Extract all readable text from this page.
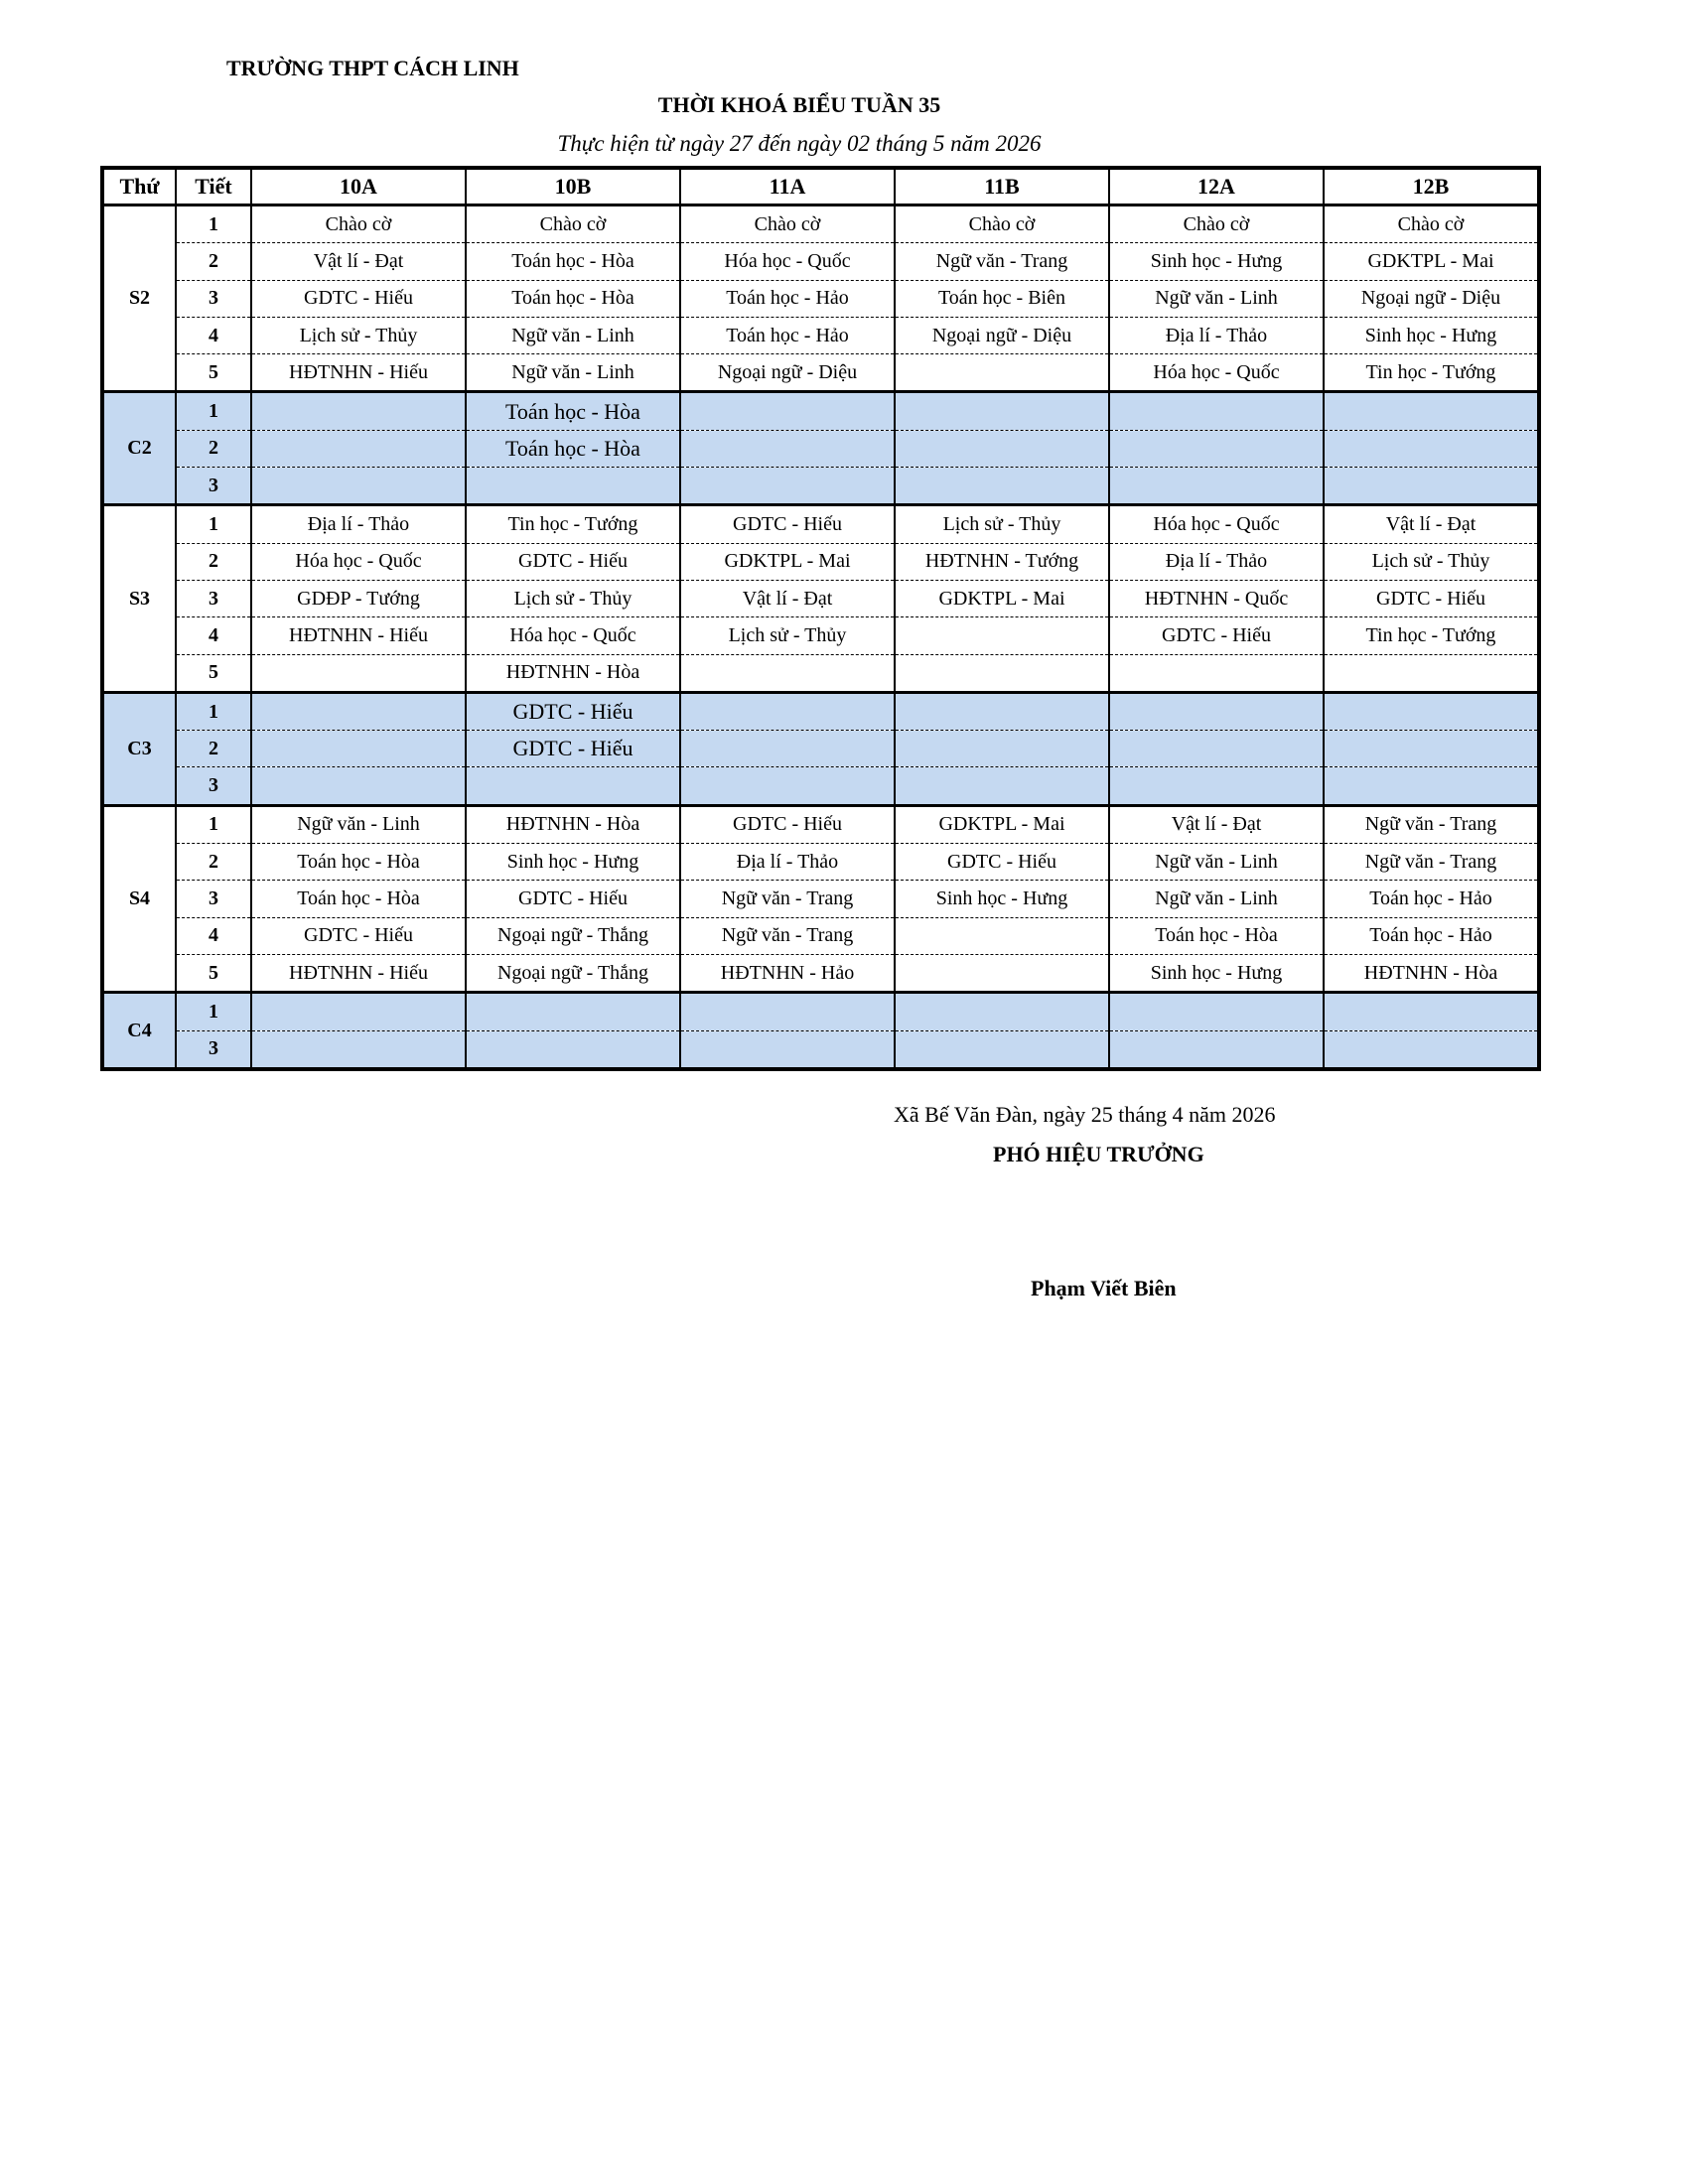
TRƯỜNG THPT CÁCH LINH
THỜI KHOÁ BIỂU TUẦN 35
Thực hiện từ ngày 27 đến ngày 02 tháng 5 năm 2026
Thứ	Tiết	10A	10B	11A	11B	12A	12B
S2	1	Chào cờ	Chào cờ	Chào cờ	Chào cờ	Chào cờ	Chào cờ
	2	Vật lí - Đạt	Toán học - Hòa	Hóa học - Quốc	Ngữ văn - Trang	Sinh học - Hưng	GDKTPL - Mai
	3	GDTC - Hiếu	Toán học - Hòa	Toán học - Hảo	Toán học - Biên	Ngữ văn - Linh	Ngoại ngữ - Diệu
	4	Lịch sử - Thủy	Ngữ văn - Linh	Toán học - Hảo	Ngoại ngữ - Diệu	Địa lí - Thảo	Sinh học - Hưng
	5	HĐTNHN - Hiếu	Ngữ văn - Linh	Ngoại ngữ - Diệu		Hóa học - Quốc	Tin học - Tướng
C2	1		Toán học - Hòa				
	2		Toán học - Hòa				
	3						
S3	1	Địa lí - Thảo	Tin học - Tướng	GDTC - Hiếu	Lịch sử - Thủy	Hóa học - Quốc	Vật lí - Đạt
	2	Hóa học - Quốc	GDTC - Hiếu	GDKTPL - Mai	HĐTNHN - Tướng	Địa lí - Thảo	Lịch sử - Thủy
	3	GDĐP - Tướng	Lịch sử - Thủy	Vật lí - Đạt	GDKTPL - Mai	HĐTNHN - Quốc	GDTC - Hiếu
	4	HĐTNHN - Hiếu	Hóa học - Quốc	Lịch sử - Thủy		GDTC - Hiếu	Tin học - Tướng
	5		HĐTNHN - Hòa				
C3	1		GDTC - Hiếu				
	2		GDTC - Hiếu				
	3						
S4	1	Ngữ văn - Linh	HĐTNHN - Hòa	GDTC - Hiếu	GDKTPL - Mai	Vật lí - Đạt	Ngữ văn - Trang
	2	Toán học - Hòa	Sinh học - Hưng	Địa lí - Thảo	GDTC - Hiếu	Ngữ văn - Linh	Ngữ văn - Trang
	3	Toán học - Hòa	GDTC - Hiếu	Ngữ văn - Trang	Sinh học - Hưng	Ngữ văn - Linh	Toán học - Hảo
	4	GDTC - Hiếu	Ngoại ngữ - Thắng	Ngữ văn - Trang		Toán học - Hòa	Toán học - Hảo
	5	HĐTNHN - Hiếu	Ngoại ngữ - Thắng	HĐTNHN - Hảo		Sinh học - Hưng	HĐTNHN - Hòa
C4	1						
	3						
Xã Bế Văn Đàn, ngày 25 tháng 4 năm 2026
PHÓ HIỆU TRƯỞNG
Phạm Viết Biên
